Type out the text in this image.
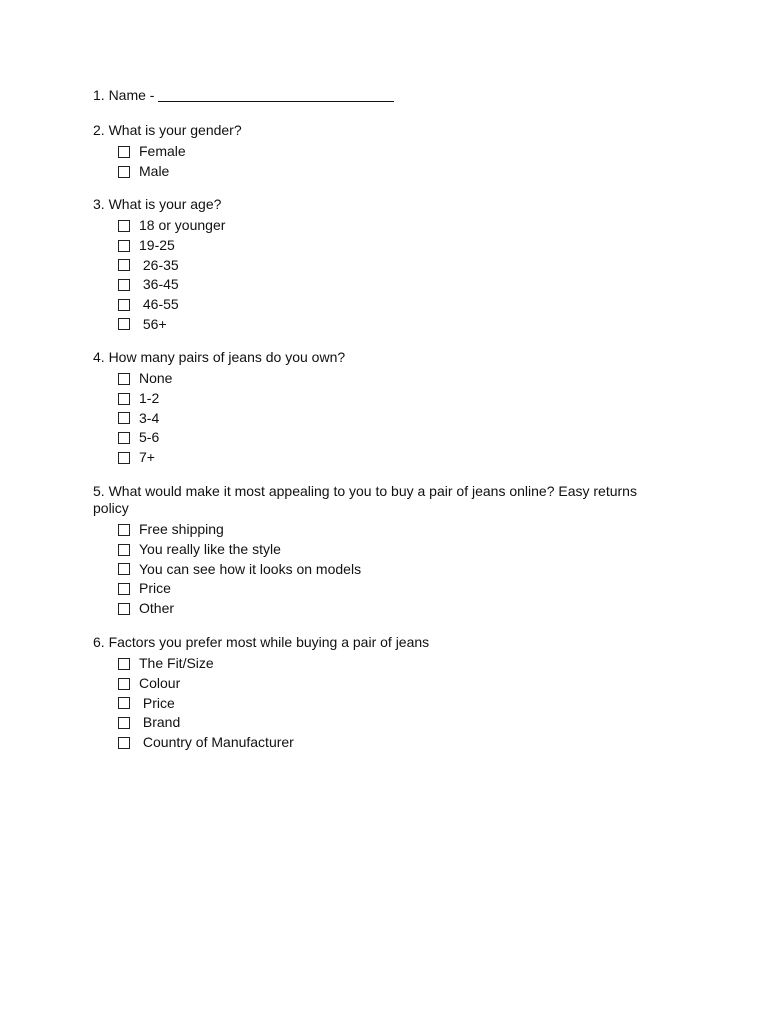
1. Name -
2. What is your gender?
Female
Male
3. What is your age?
18 or younger
19-25
26-35
36-45
46-55
56+
4. How many pairs of jeans do you own?
None
1-2
3-4
5-6
7+
5. What would make it most appealing to you to buy a pair of jeans online? Easy returns policy
Free shipping
You really like the style
You can see how it looks on models
Price
Other
6. Factors you prefer most while buying a pair of jeans
The Fit/Size
Colour
Price
Brand
Country of Manufacturer
